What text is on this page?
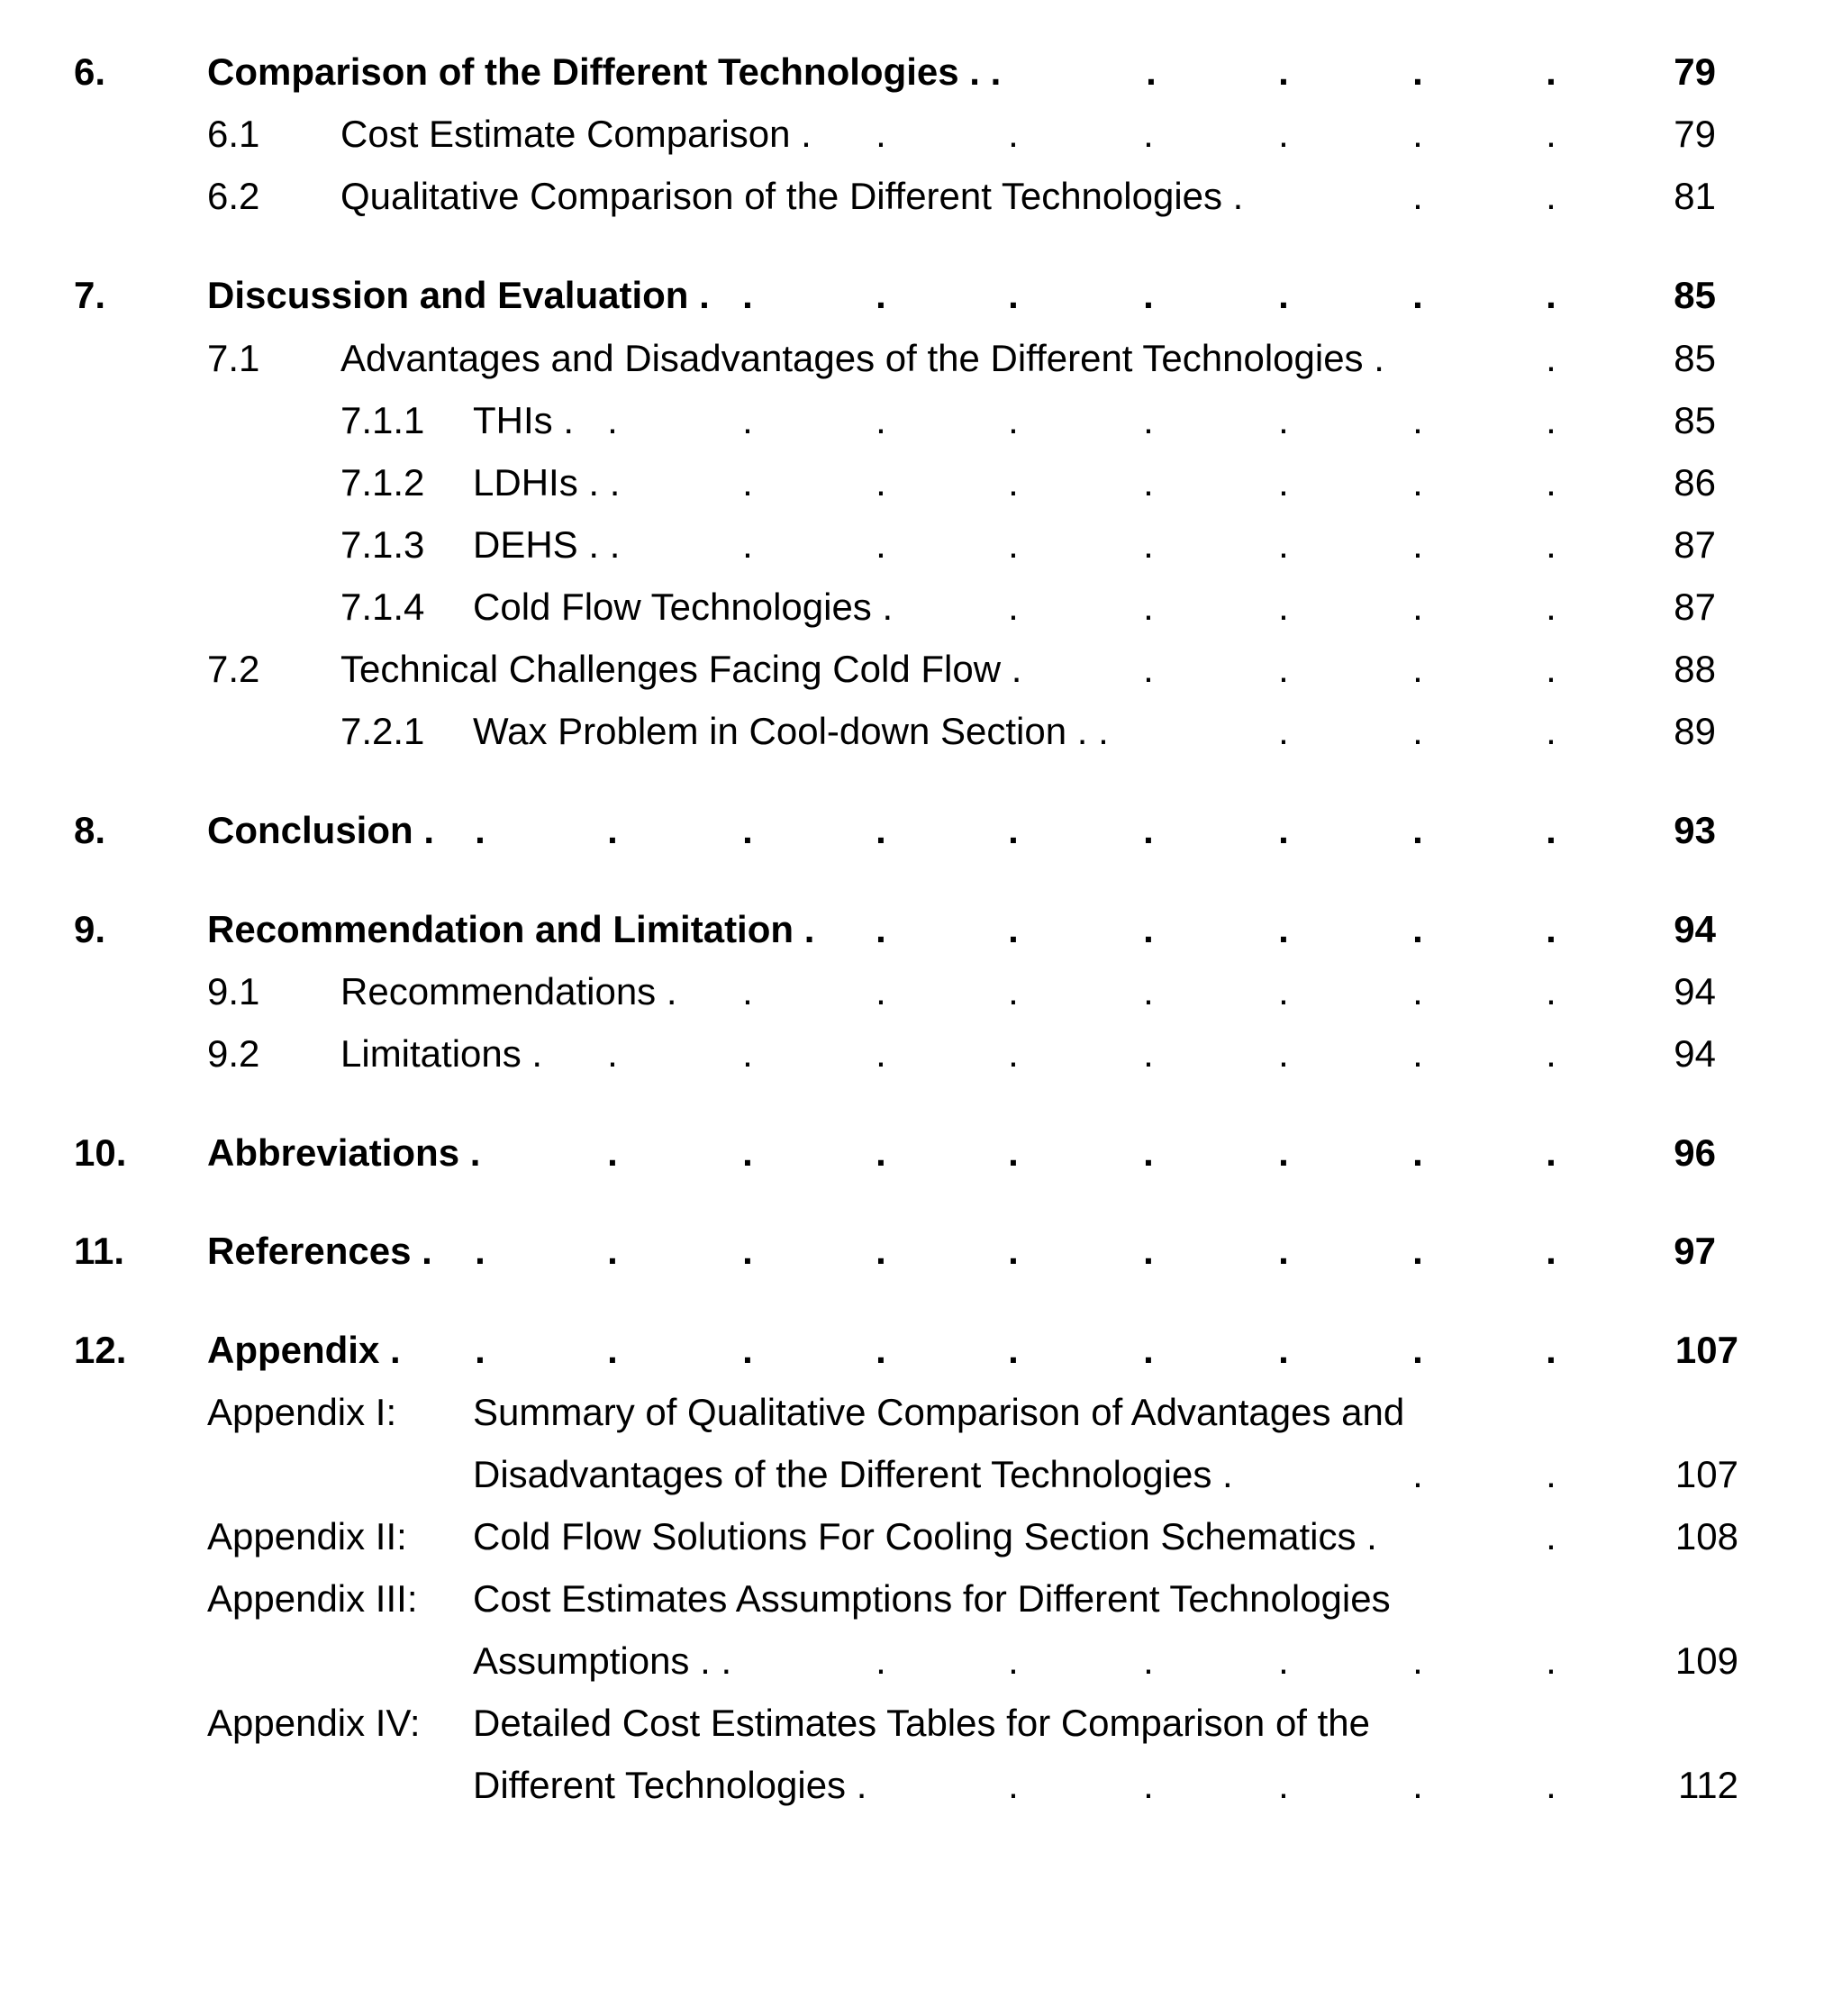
6.	Comparison of the Different Technologies . .	.	.	.	.	79
6.1 Cost Estimate Comparison . .	.	.	.	.	.	79
6.2 Qualitative Comparison of the Different Technologies .	.	.	81
7.	Discussion and Evaluation . .	.	.	.	.	.	.	85
7.1 Advantages and Disadvantages of the Different Technologies .	.	85
7.1.1 THIs . .	.	.	.	.	.	.	.	85
7.1.2 LDHIs . .	.	.	.	.	.	.	.	86
7.1.3 DEHS . .	.	.	.	.	.	.	.	87
7.1.4 Cold Flow Technologies .	.	.	.	.	.	87
7.2 Technical Challenges Facing Cold Flow .	.	.	.	.	88
7.2.1 Wax Problem in Cool-down Section . .	.	.	.	89
8.	Conclusion . .	.	.	.	.	.	.	.	.	93
9.	Recommendation and Limitation . .	.	.	.	.	.	94
9.1 Recommendations . .	.	.	.	.	.	.	94
9.2 Limitations . .	.	.	.	.	.	.	.	94
10. Abbreviations .	.	.	.	.	.	.	.	.	96
11. References . .	.	.	.	.	.	.	.	.	97
12. Appendix . .	.	.	.	.	.	.	.	.	107
Appendix I: Summary of Qualitative Comparison of Advantages and
Disadvantages of the Different Technologies .	.	.	107
Appendix II: Cold Flow Solutions For Cooling Section Schematics .	.	108
Appendix III: Cost Estimates Assumptions for Different Technologies
Assumptions . .	.	.	.	.	.	.	109
Appendix IV: Detailed Cost Estimates Tables for Comparison of the
Different Technologies .	.	.	.	.	.	112
